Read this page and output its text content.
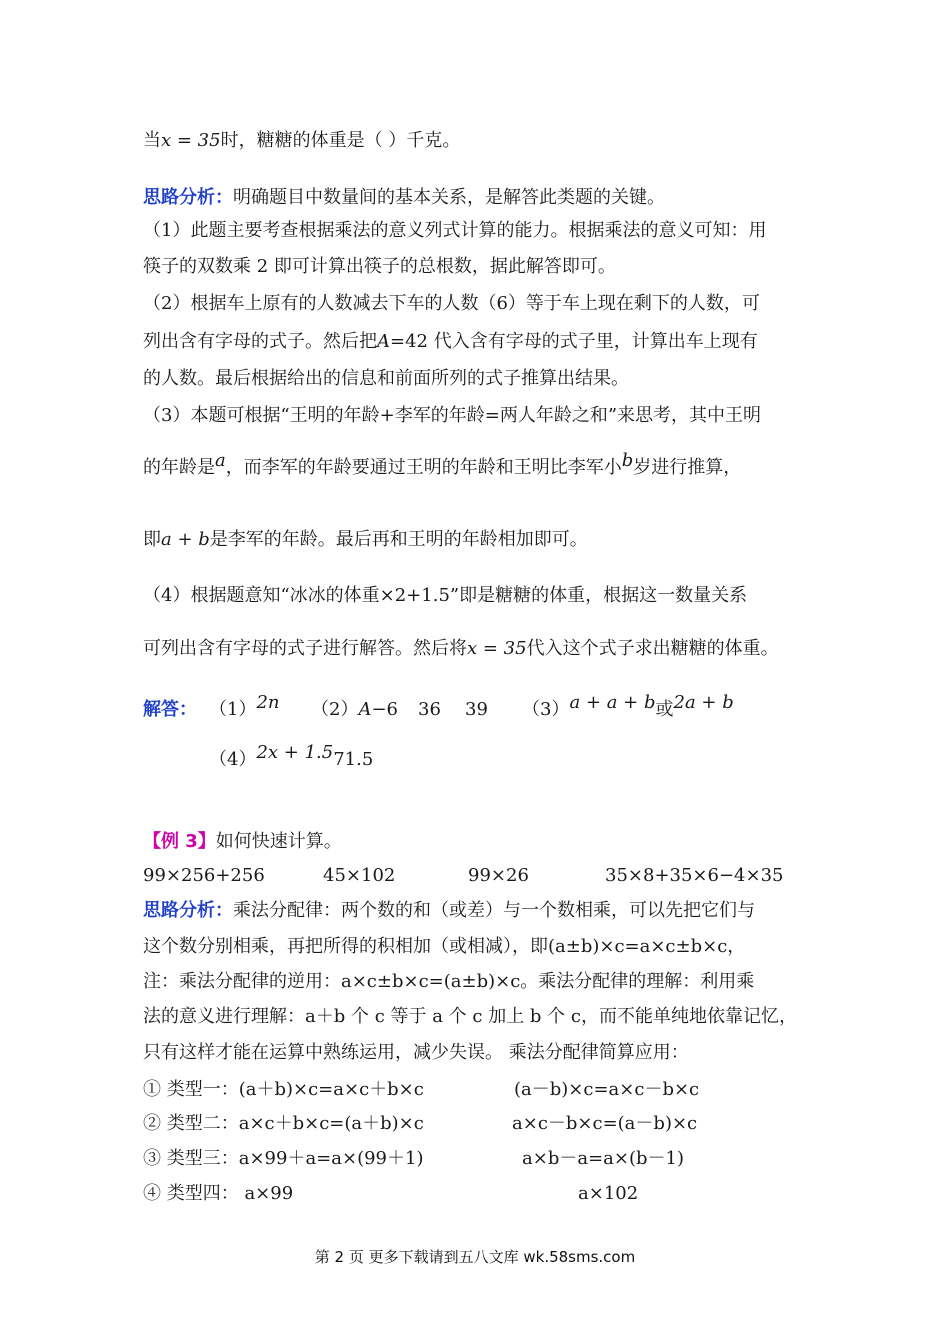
当x = 35时，糖糖的体重是（ ）千克。
思路分析：明确题目中数量间的基本关系，是解答此类题的关键。
（1）此题主要考查根据乘法的意义列式计算的能力。根据乘法的意义可知：用
筷子的双数乘 2 即可计算出筷子的总根数，据此解答即可。
（2）根据车上原有的人数减去下车的人数（6）等于车上现在剩下的人数，可
列出含有字母的式子。然后把A=42 代入含有字母的式子里，计算出车上现有
的人数。最后根据给出的信息和前面所列的式子推算出结果。
（3）本题可根据“王明的年龄+李军的年龄=两人年龄之和”来思考，其中王明
的年龄是a，而李军的年龄要通过王明的年龄和王明比李军小b岁进行推算，
即a + b是李军的年龄。最后再和王明的年龄相加即可。
（4）根据题意知“冰冰的体重×2+1.5”即是糖糖的体重，根据这一数量关系
可列出含有字母的式子进行解答。然后将x = 35代入这个式子求出糖糖的体重。
解答： （1）2n （2）A−6 36 39 （3）a + a + b或2a + b
（4）2x + 1.571.5
【例 3】如何快速计算。
99×256+256	45×102	99×26	35×8+35×6−4×35
思路分析：乘法分配律：两个数的和（或差）与一个数相乘，可以先把它们与
这个数分别相乘，再把所得的积相加（或相减），即(a±b)×c=a×c±b×c，
注：乘法分配律的逆用：a×c±b×c=(a±b)×c。乘法分配律的理解：利用乘
法的意义进行理解：a＋b 个 c 等于 a 个 c 加上 b 个 c，而不能单纯地依靠记忆，
只有这样才能在运算中熟练运用，减少失误。 乘法分配律简算应用：
① 类型一：(a＋b)×c=a×c＋b×c	(a－b)×c=a×c－b×c
② 类型二：a×c＋b×c=(a＋b)×c	a×c－b×c=(a－b)×c
③ 类型三：a×99＋a=a×(99＋1)	a×b－a=a×(b－1)
④ 类型四： a×99	a×102
第 2 页 更多下载请到五八文库 wk.58sms.com
